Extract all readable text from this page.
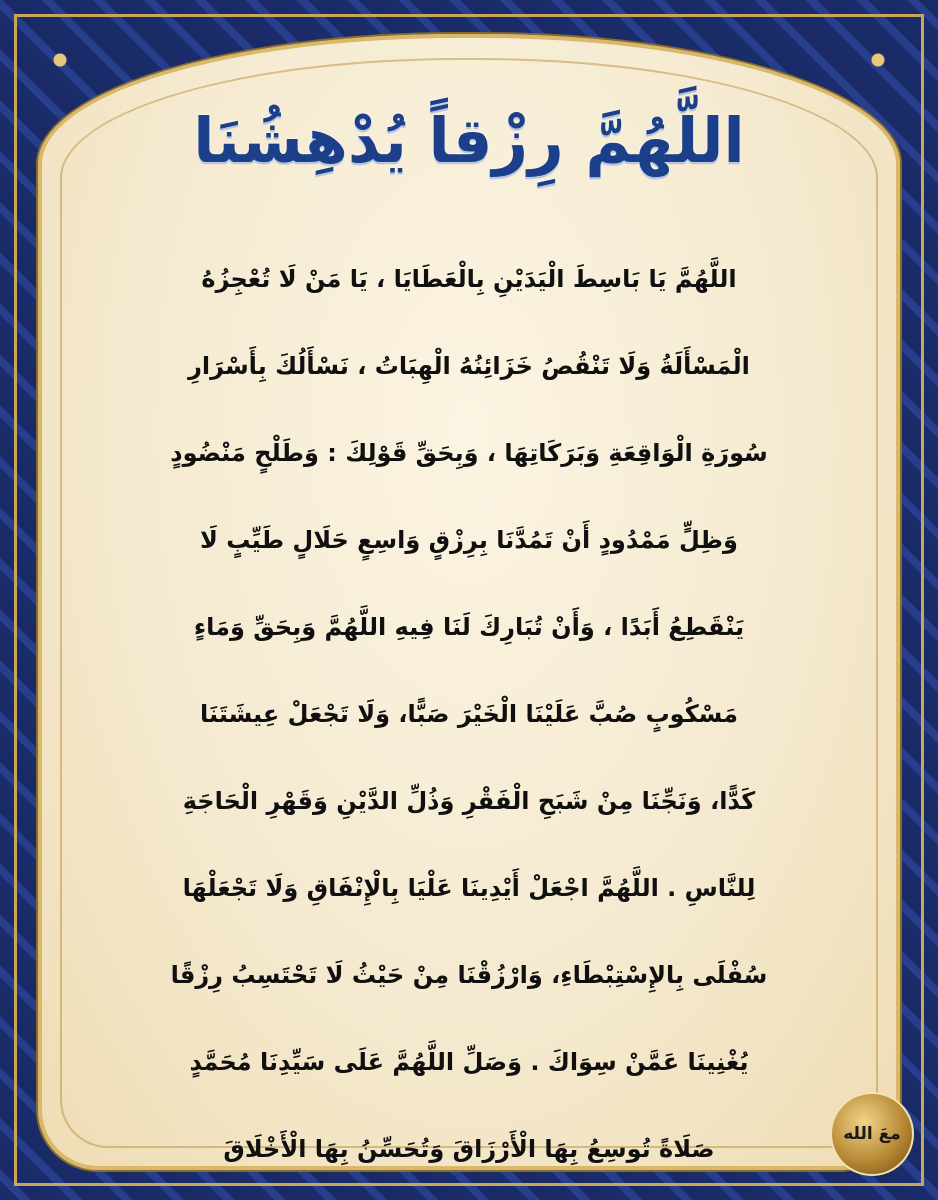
اللَّهُمَّ رِزْقاً يُدْهِشُنَا
اللَّهُمَّ يَا بَاسِطَ الْيَدَيْنِ بِالْعَطَايَا ، يَا مَنْ لَا تُعْجِزُهُ
الْمَسْأَلَةُ وَلَا تَنْقُصُ خَزَائِنُهُ الْهِبَاتُ ، نَسْأَلُكَ بِأَسْرَارِ
سُورَةِ الْوَاقِعَةِ وَبَرَكَاتِهَا ، وَبِحَقِّ قَوْلِكَ : وَطَلْحٍ مَنْضُودٍ
وَظِلٍّ مَمْدُودٍ أَنْ تَمُدَّنَا بِرِزْقٍ وَاسِعٍ حَلَالٍ طَيِّبٍ لَا
يَنْقَطِعُ أَبَدًا ، وَأَنْ تُبَارِكَ لَنَا فِيهِ اللَّهُمَّ وَبِحَقِّ وَمَاءٍ
مَسْكُوبٍ صُبَّ عَلَيْنَا الْخَيْرَ صَبًّا، وَلَا تَجْعَلْ عِيشَتَنَا
كَدًّا، وَنَجِّنَا مِنْ شَبَحِ الْفَقْرِ وَذُلِّ الدَّيْنِ وَقَهْرِ الْحَاجَةِ
لِلنَّاسِ . اللَّهُمَّ اجْعَلْ أَيْدِينَا عَلْيَا بِالْإِنْفَاقِ وَلَا تَجْعَلْهَا
سُفْلَى بِالإِسْتِبْطَاءِ، وَارْزُقْنَا مِنْ حَيْثُ لَا تَحْتَسِبُ رِزْقًا
يُغْنِينَا عَمَّنْ سِوَاكَ . وَصَلِّ اللَّهُمَّ عَلَى سَيِّدِنَا مُحَمَّدٍ
صَلَاةً تُوسِعُ بِهَا الْأَرْزَاقَ وَتُحَسِّنُ بِهَا الْأَخْلَاقَ
معَ الله
